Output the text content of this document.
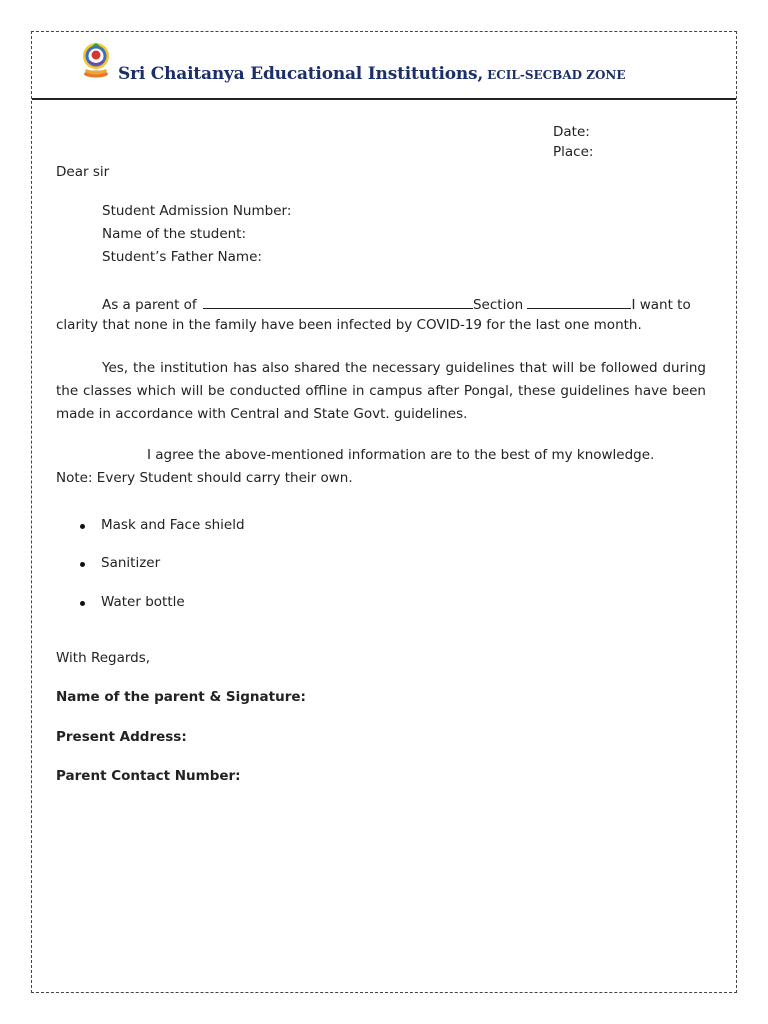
Sri Chaitanya Educational Institutions, ECIL-SECBAD ZONE
Date:
Place:
Dear sir
Student Admission Number:
Name of the student:
Student’s Father Name:
As a parent of	Section	I want to
clarity that none in the family have been infected by COVID-19 for the last one month.
Yes, the institution has also shared the necessary guidelines that will be followed during the classes which will be conducted offline in campus after Pongal, these guidelines have been made in accordance with Central and State Govt. guidelines.
I agree the above-mentioned information are to the best of my knowledge.
Note: Every Student should carry their own.
Mask and Face shield
Sanitizer
Water bottle
With Regards,
Name of the parent & Signature:
Present Address:
Parent Contact Number:
